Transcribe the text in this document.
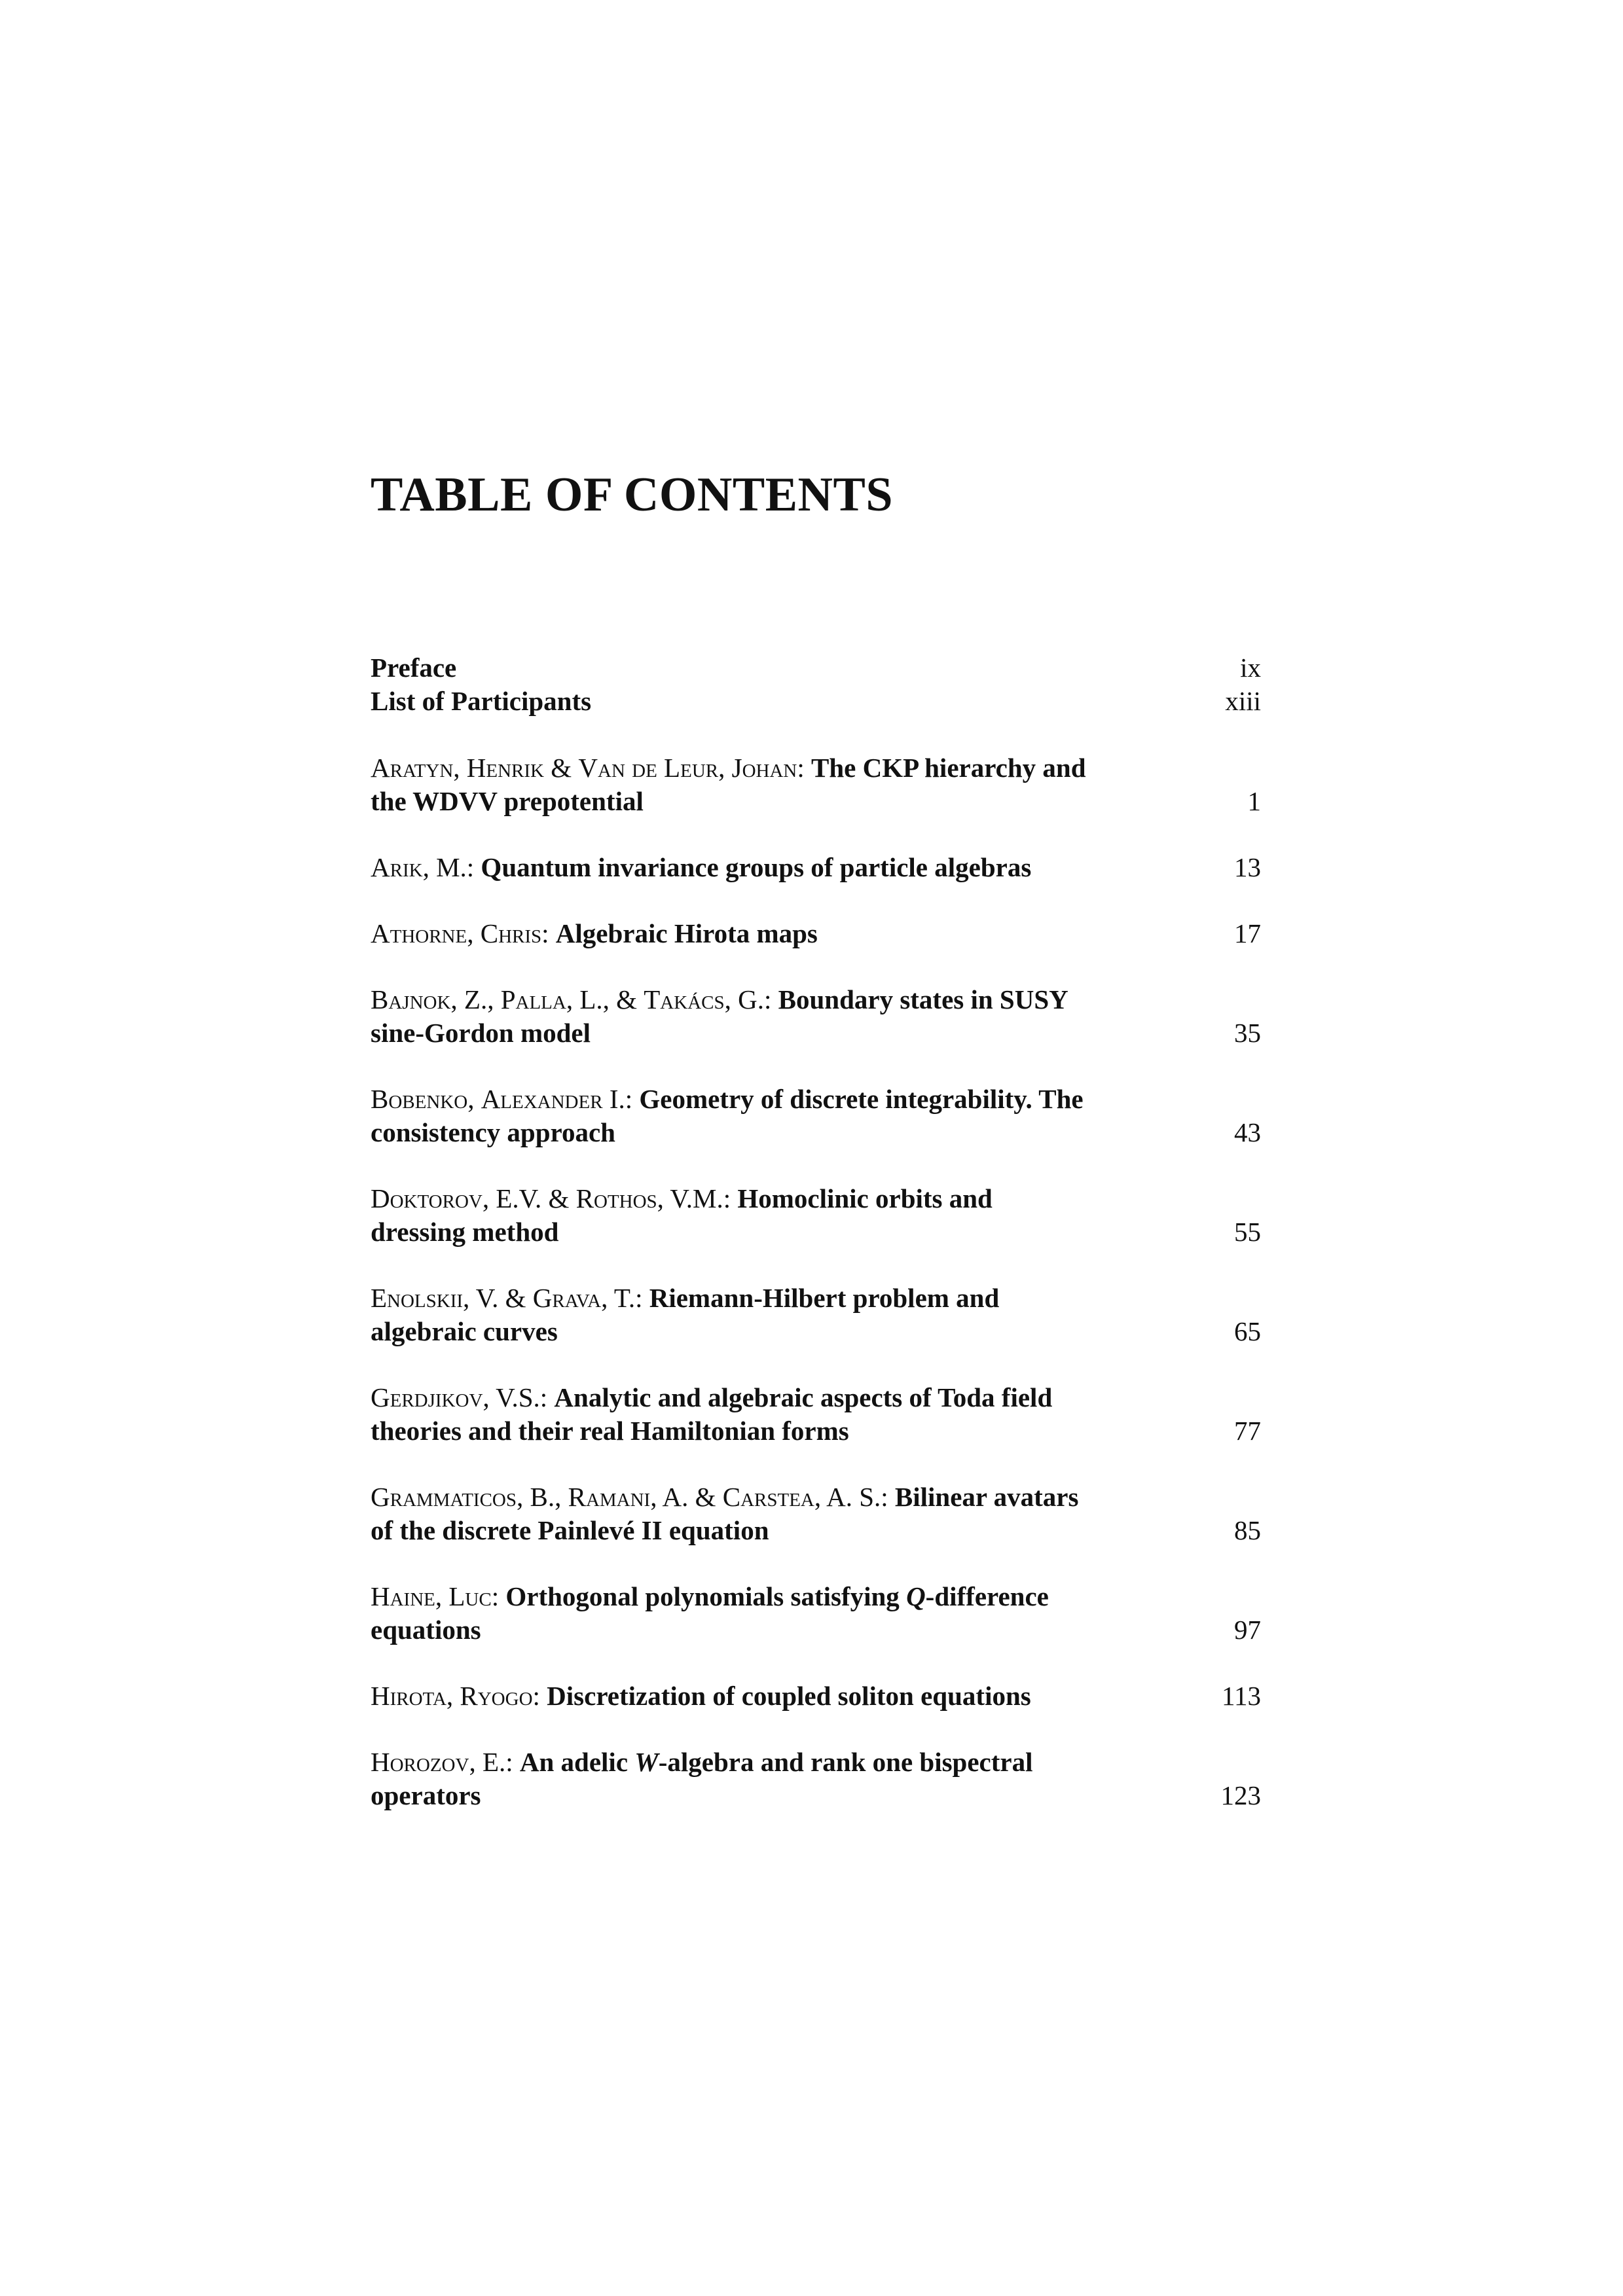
TABLE OF CONTENTS
Preface	ix
List of Participants	xiii
Aratyn, Henrik & Van de Leur, Johan: The CKP hierarchy and the WDVV prepotential	1
Arik, M.: Quantum invariance groups of particle algebras	13
Athorne, Chris: Algebraic Hirota maps	17
Bajnok, Z., Palla, L., & Takács, G.: Boundary states in SUSY sine-Gordon model	35
Bobenko, Alexander I.: Geometry of discrete integrability. The consistency approach	43
Doktorov, E.V. & Rothos, V.M.: Homoclinic orbits and dressing method	55
Enolskii, V. & Grava, T.: Riemann-Hilbert problem and algebraic curves	65
Gerdjikov, V.S.: Analytic and algebraic aspects of Toda field theories and their real Hamiltonian forms	77
Grammaticos, B., Ramani, A. & Carstea, A. S.: Bilinear avatars of the discrete Painlevé II equation	85
Haine, Luc: Orthogonal polynomials satisfying Q-difference equations	97
Hirota, Ryogo: Discretization of coupled soliton equations	113
Horozov, E.: An adelic W-algebra and rank one bispectral operators	123
